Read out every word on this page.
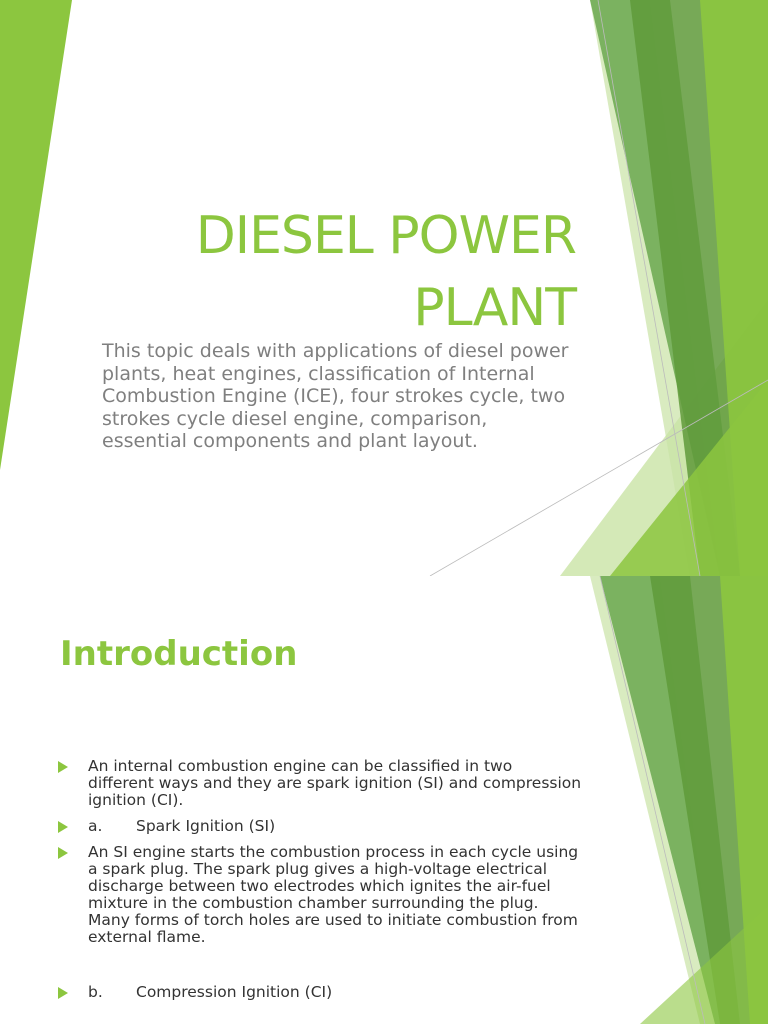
DIESEL POWER
PLANT

This topic deals with applications of diesel power plants, heat engines, classification of Internal Combustion Engine (ICE), four strokes cycle, two strokes cycle diesel engine, comparison, essential components and plant layout.

Introduction
An internal combustion engine can be classified in two different ways and they are spark ignition (SI) and compression ignition (CI).
a. Spark Ignition (SI)
An SI engine starts the combustion process in each cycle using a spark plug. The spark plug gives a high-voltage electrical discharge between two electrodes which ignites the air-fuel mixture in the combustion chamber surrounding the plug. Many forms of torch holes are used to initiate combustion from external flame.
b. Compression Ignition (CI)
